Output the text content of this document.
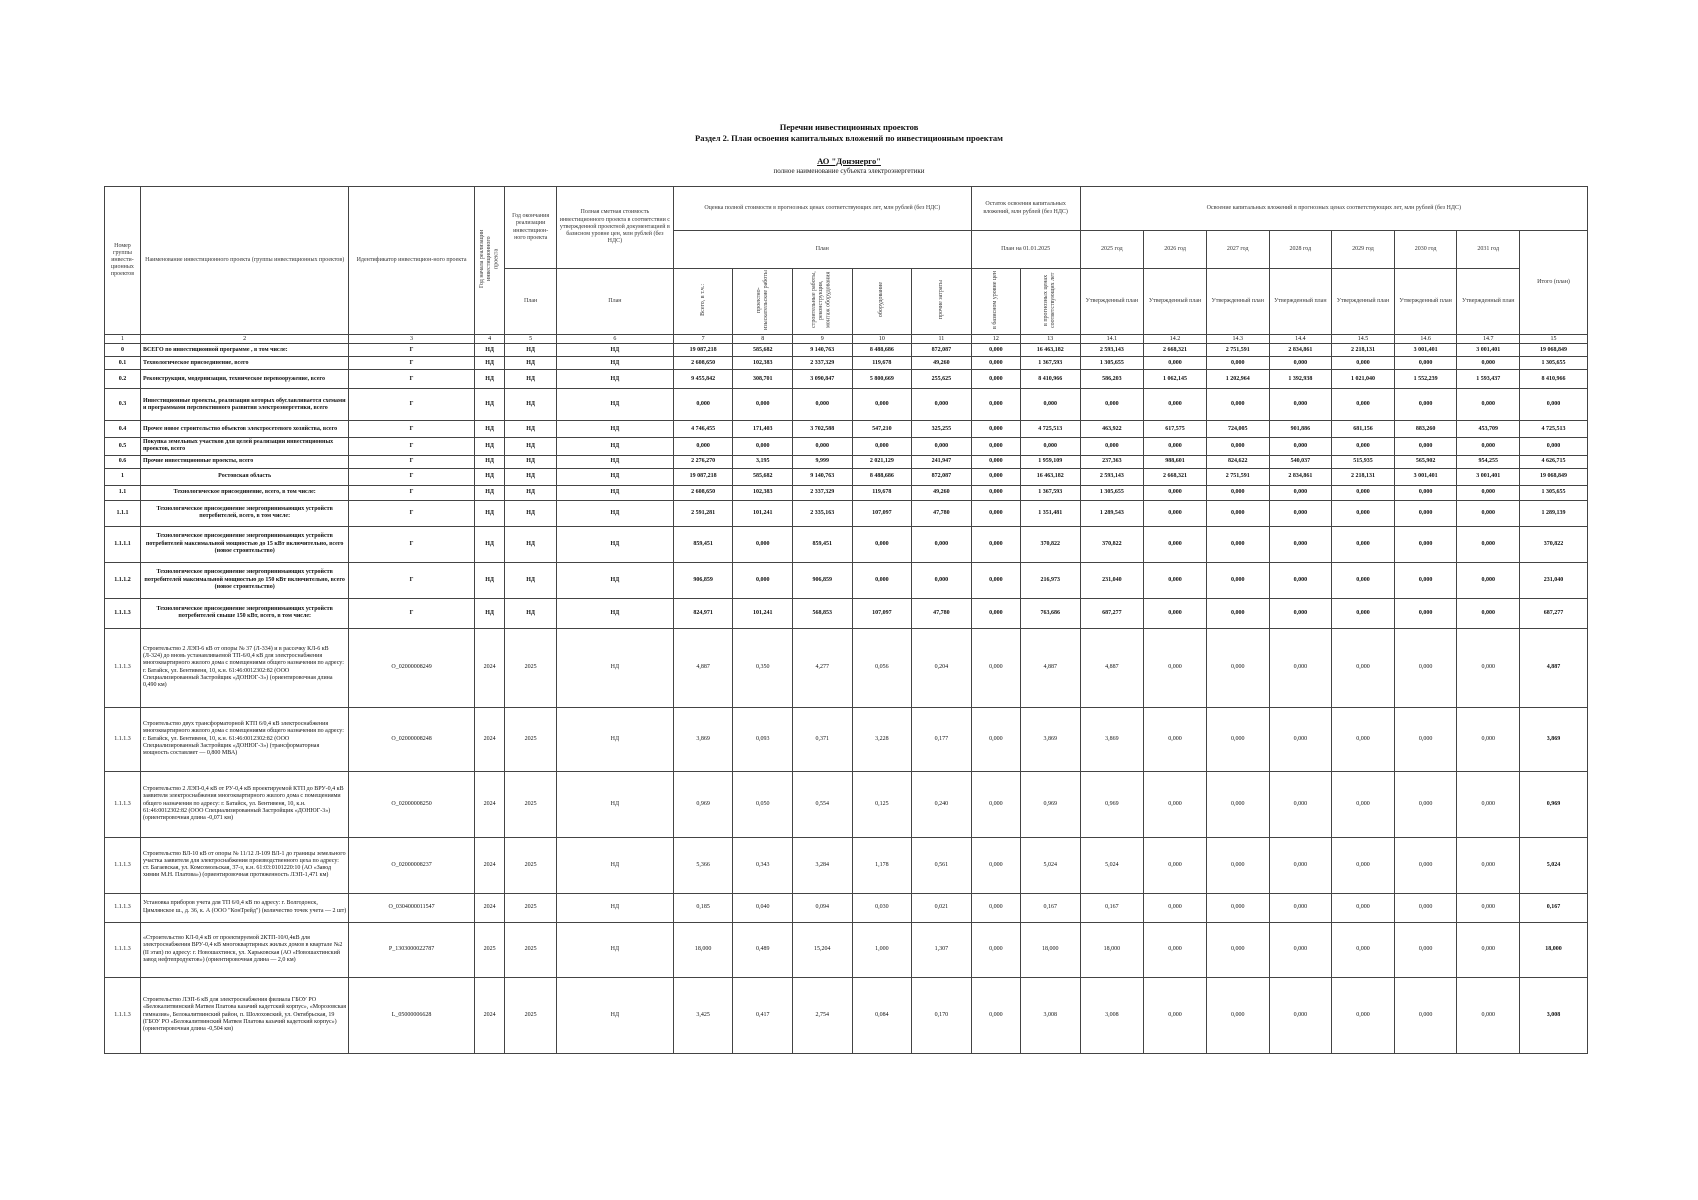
Перечни инвестиционных проектов
Раздел 2. План освоения капитальных вложений по инвестиционным проектам
АО "Донэнерго"
полное наименование субъекта электроэнергетики
Номер группы инвести-ционных проектов	Наименование инвестиционного проекта (группы инвестиционных проектов)	Идентификатор инвестицион-ного проекта	Год начала реализации инвестиционного проекта	Год окончания реализации инвестицион-ного проекта	Полная сметная стоимость инвестиционного проекта в соответствии с утвержденной проектной документацией в базисном уровне цен, млн рублей (без НДС)	Оценка полной стоимости в прогнозных ценах соответствующих лет, млн рублей (без НДС)					Остаток освоения капитальных вложений, млн рублей (без НДС)		Освоение капитальных вложений в прогнозных ценах соответствующих лет, млн рублей (без НДС)							
						План					План на 01.01.2025		2025 год	2026 год	2027 год	2028 год	2029 год	2030 год	2031 год	Итого (план)
				План	План	Всего, в т.ч.:	проектно-изыскательские работы	строительные работы, реконструкция, монтаж оборудования	оборудование	прочие затраты	в базисном уровне цен	в прогнозных ценах соответствующих лет	Утвержденный план	Утвержденный план	Утвержденный план	Утвержденный план	Утвержденный план	Утвержденный план	Утвержденный план	
1	2	3	4	5	6	7	8	9	10	11	12	13	14.1	14.2	14.3	14.4	14.5	14.6	14.7	15
0	ВСЕГО по инвестиционной программе , в том числе:	Г	НД	НД	НД	19 087,218	585,682	9 140,763	8 488,686	872,087	0,000	16 463,182	2 593,143	2 668,321	2 751,591	2 834,861	2 218,131	3 001,401	3 001,401	19 068,849
0.1	Технологическое присоединение, всего	Г	НД	НД	НД	2 608,650	102,383	2 337,329	119,678	49,260	0,000	1 367,593	1 305,655	0,000	0,000	0,000	0,000	0,000	0,000	1 305,655
0.2	Реконструкция, модернизация, техническое перевооружение, всего	Г	НД	НД	НД	9 455,842	308,701	3 090,847	5 800,669	255,625	0,000	8 410,966	586,203	1 062,145	1 202,964	1 392,938	1 021,040	1 552,239	1 593,437	8 410,966
0.3	Инвестиционные проекты, реализация которых обуславливается схемами и программами перспективного развития электроэнергетики, всего	Г	НД	НД	НД	0,000	0,000	0,000	0,000	0,000	0,000	0,000	0,000	0,000	0,000	0,000	0,000	0,000	0,000	0,000
0.4	Прочее новое строительство объектов электросетевого хозяйства, всего	Г	НД	НД	НД	4 746,455	171,403	3 702,588	547,210	325,255	0,000	4 725,513	463,922	617,575	724,005	901,886	681,156	883,260	453,709	4 725,513
0.5	Покупка земельных участков для целей реализации инвестиционных проектов, всего	Г	НД	НД	НД	0,000	0,000	0,000	0,000	0,000	0,000	0,000	0,000	0,000	0,000	0,000	0,000	0,000	0,000	0,000
0.6	Прочие инвестиционные проекты, всего	Г	НД	НД	НД	2 276,270	3,195	9,999	2 021,129	241,947	0,000	1 959,109	237,363	988,601	824,622	540,037	515,935	565,902	954,255	4 626,715
1	Ростовская область	Г	НД	НД	НД	19 087,218	585,682	9 140,763	8 488,686	872,087	0,000	16 463,182	2 593,143	2 668,321	2 751,591	2 834,861	2 218,131	3 001,401	3 001,401	19 068,849
1.1	Технологическое присоединение, всего, в том числе:	Г	НД	НД	НД	2 608,650	102,383	2 337,329	119,678	49,260	0,000	1 367,593	1 305,655	0,000	0,000	0,000	0,000	0,000	0,000	1 305,655
1.1.1	Технологическое присоединение энергопринимающих устройств потребителей, всего, в том числе:	Г	НД	НД	НД	2 591,281	101,241	2 335,163	107,097	47,780	0,000	1 351,481	1 289,543	0,000	0,000	0,000	0,000	0,000	0,000	1 289,139
1.1.1.1	Технологическое присоединение энергопринимающих устройств потребителей максимальной мощностью до 15 кВт включительно, всего (новое строительство)	Г	НД	НД	НД	859,451	0,000	859,451	0,000	0,000	0,000	370,822	370,822	0,000	0,000	0,000	0,000	0,000	0,000	370,822
1.1.1.2	Технологическое присоединение энергопринимающих устройств потребителей максимальной мощностью до 150 кВт включительно, всего (новое строительство)	Г	НД	НД	НД	906,859	0,000	906,859	0,000	0,000	0,000	216,973	231,040	0,000	0,000	0,000	0,000	0,000	0,000	231,040
1.1.1.3	Технологическое присоединение энергопринимающих устройств потребителей свыше 150 кВт, всего, в том числе:	Г	НД	НД	НД	824,971	101,241	568,853	107,097	47,780	0,000	763,686	687,277	0,000	0,000	0,000	0,000	0,000	0,000	687,277
1.1.1.3	Строительство 2 ЛЭП-6 кВ от опоры № 37 (Л-334) и в рассечку КЛ-6 кВ (Л-324) до вновь устанавливаемой ТП-6/0,4 кВ для электроснабжения многоквартирного жилого дома с помещениями общего назначения по адресу: г. Батайск, ул. Бентивеня, 10, к.н. 61:46:0012302:82 (ООО Специализированный Застройщик «ДОНЮГ-3») (ориентировочная длина 0,490 км)	О_02000008249	2024	2025	НД	4,887	0,350	4,277	0,056	0,204	0,000	4,887	4,887	0,000	0,000	0,000	0,000	0,000	0,000	4,887
1.1.1.3	Строительство двух трансформаторной КТП 6/0,4 кВ электроснабжения многоквартирного жилого дома с помещениями общего назначения по адресу: г. Батайск, ул. Бентивеня, 10, к.н. 61:46:0012302:82 (ООО Специализированный Застройщик «ДОНЮГ-3») (трансформаторная мощность составляет — 0,800 МВА)	О_02000008248	2024	2025	НД	3,869	0,093	0,371	3,228	0,177	0,000	3,869	3,869	0,000	0,000	0,000	0,000	0,000	0,000	3,869
1.1.1.3	Строительство 2 ЛЭП-0,4 кВ от РУ-0,4 кВ проектируемой КТП до ВРУ-0,4 кВ заявителя электроснабжения многоквартирного жилого дома с помещениями общего назначения по адресу: г. Батайск, ул. Бентивеня, 10, к.н. 61:46:0012302:82 (ООО Специализированный Застройщик «ДОНЮГ-3») (ориентировочная длина -0,071 км)	О_02000008250	2024	2025	НД	0,969	0,050	0,554	0,125	0,240	0,000	0,969	0,969	0,000	0,000	0,000	0,000	0,000	0,000	0,969
1.1.1.3	Строительство ВЛ-10 кВ от опоры № 11/12 Л-109 ВЛ-1 до границы земельного участка заявителя для электроснабжения производственного цеха по адресу: ст. Багаевская, ул. Комсомольская, 37-з, к.н. 61:03:0101220:10 (АО «Завод химии М.Н. Платова») (ориентировочная протяженность ЛЭП-1,471 км)	О_02000008237	2024	2025	НД	5,366	0,343	3,284	1,178	0,561	0,000	5,024	5,024	0,000	0,000	0,000	0,000	0,000	0,000	5,024
1.1.1.3	Установка приборов учета для ТП 6/0,4 кВ по адресу: г. Волгодонск, Цимлянское ш., д. 36, к. А (ООО "КонТрейд") (количество точек учета — 2 шт)	О_0304000011547	2024	2025	НД	0,185	0,040	0,094	0,030	0,021	0,000	0,167	0,167	0,000	0,000	0,000	0,000	0,000	0,000	0,167
1.1.1.3	«Строительство КЛ-0,4 кВ от проектируемой 2КТП-10/0,4кВ для электроснабжения ВРУ-0,4 кВ многоквартирных жилых домов в квартале №2 (II этап) по адресу: г. Новошахтинск, ул. Харьковская (АО «Новошахтинский завод нефтепродуктов») (ориентировочная длина — 2,0 км)	Р_1303000022787	2025	2025	НД	18,000	0,489	15,204	1,000	1,307	0,000	18,000	18,000	0,000	0,000	0,000	0,000	0,000	0,000	18,000
1.1.1.3	Строительство ЛЭП-6 кВ для электроснабжения филиала ГБОУ РО «Белокалитвинский Матвея Платова казачий кадетский корпус», «Морозовская гимназия», Белокалитвинский район, п. Шолоховский, ул. Октябрьская, 19 (ГБОУ РО «Белокалитвинский Матвея Платова казачий кадетский корпус») (ориентировочная длина -0,504 км)	L_05000006628	2024	2025	НД	3,425	0,417	2,754	0,084	0,170	0,000	3,008	3,008	0,000	0,000	0,000	0,000	0,000	0,000	3,008
